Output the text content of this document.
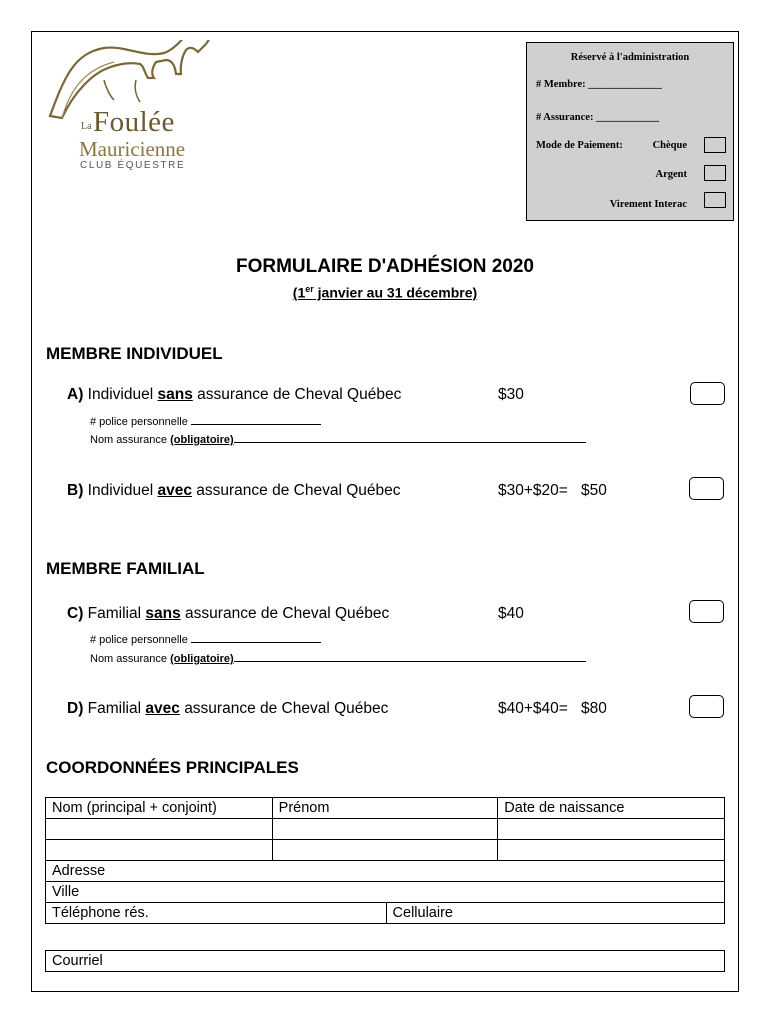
La Foulée
Mauricienne
CLUB ÉQUESTRE
Réservé à l'administration
# Membre: ______________
# Assurance: ____________
Mode de Paiement:	Chèque
Argent
Virement Interac
FORMULAIRE D'ADHÉSION 2020
(1er janvier au 31 décembre)
MEMBRE INDIVIDUEL
A) Individuel sans assurance de Cheval Québec	$30
# police personnelle
Nom assurance (obligatoire)
B) Individuel avec assurance de Cheval Québec	$30+$20= $50
MEMBRE FAMILIAL
C) Familial sans assurance de Cheval Québec	$40
# police personnelle
Nom assurance (obligatoire)
D) Familial avec assurance de Cheval Québec	$40+$40= $80
COORDONNÉES PRINCIPALES
Nom (principal + conjoint)	Prénom		Date de naissance

Adresse			
Ville			
Téléphone rés.		Cellulaire	
Courriel
